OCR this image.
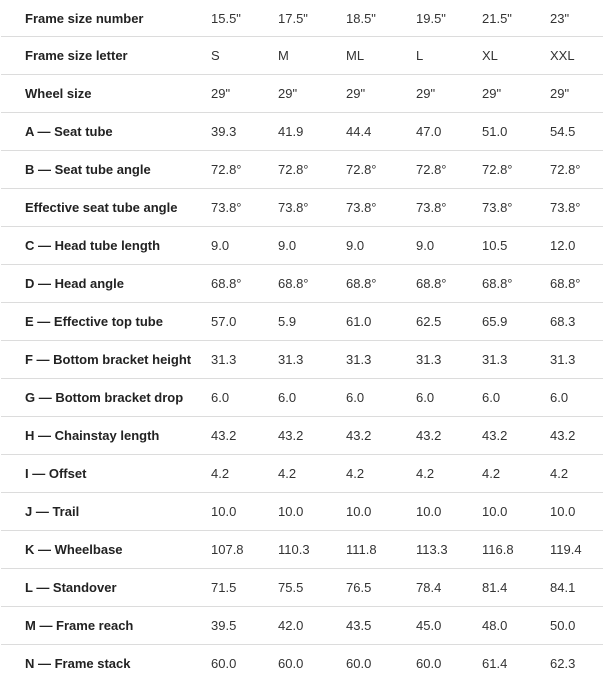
Frame size number	15.5"	17.5"	18.5"	19.5"	21.5"	23"
Frame size letter	S	M	ML	L	XL	XXL
Wheel size	29"	29"	29"	29"	29"	29"
A — Seat tube	39.3	41.9	44.4	47.0	51.0	54.5
B — Seat tube angle	72.8°	72.8°	72.8°	72.8°	72.8°	72.8°
Effective seat tube angle	73.8°	73.8°	73.8°	73.8°	73.8°	73.8°
C — Head tube length	9.0	9.0	9.0	9.0	10.5	12.0
D — Head angle	68.8°	68.8°	68.8°	68.8°	68.8°	68.8°
E — Effective top tube	57.0	5.9	61.0	62.5	65.9	68.3
F — Bottom bracket height	31.3	31.3	31.3	31.3	31.3	31.3
G — Bottom bracket drop	6.0	6.0	6.0	6.0	6.0	6.0
H — Chainstay length	43.2	43.2	43.2	43.2	43.2	43.2
I — Offset	4.2	4.2	4.2	4.2	4.2	4.2
J — Trail	10.0	10.0	10.0	10.0	10.0	10.0
K — Wheelbase	107.8	110.3	111.8	113.3	116.8	119.4
L — Standover	71.5	75.5	76.5	78.4	81.4	84.1
M — Frame reach	39.5	42.0	43.5	45.0	48.0	50.0
N — Frame stack	60.0	60.0	60.0	60.0	61.4	62.3
